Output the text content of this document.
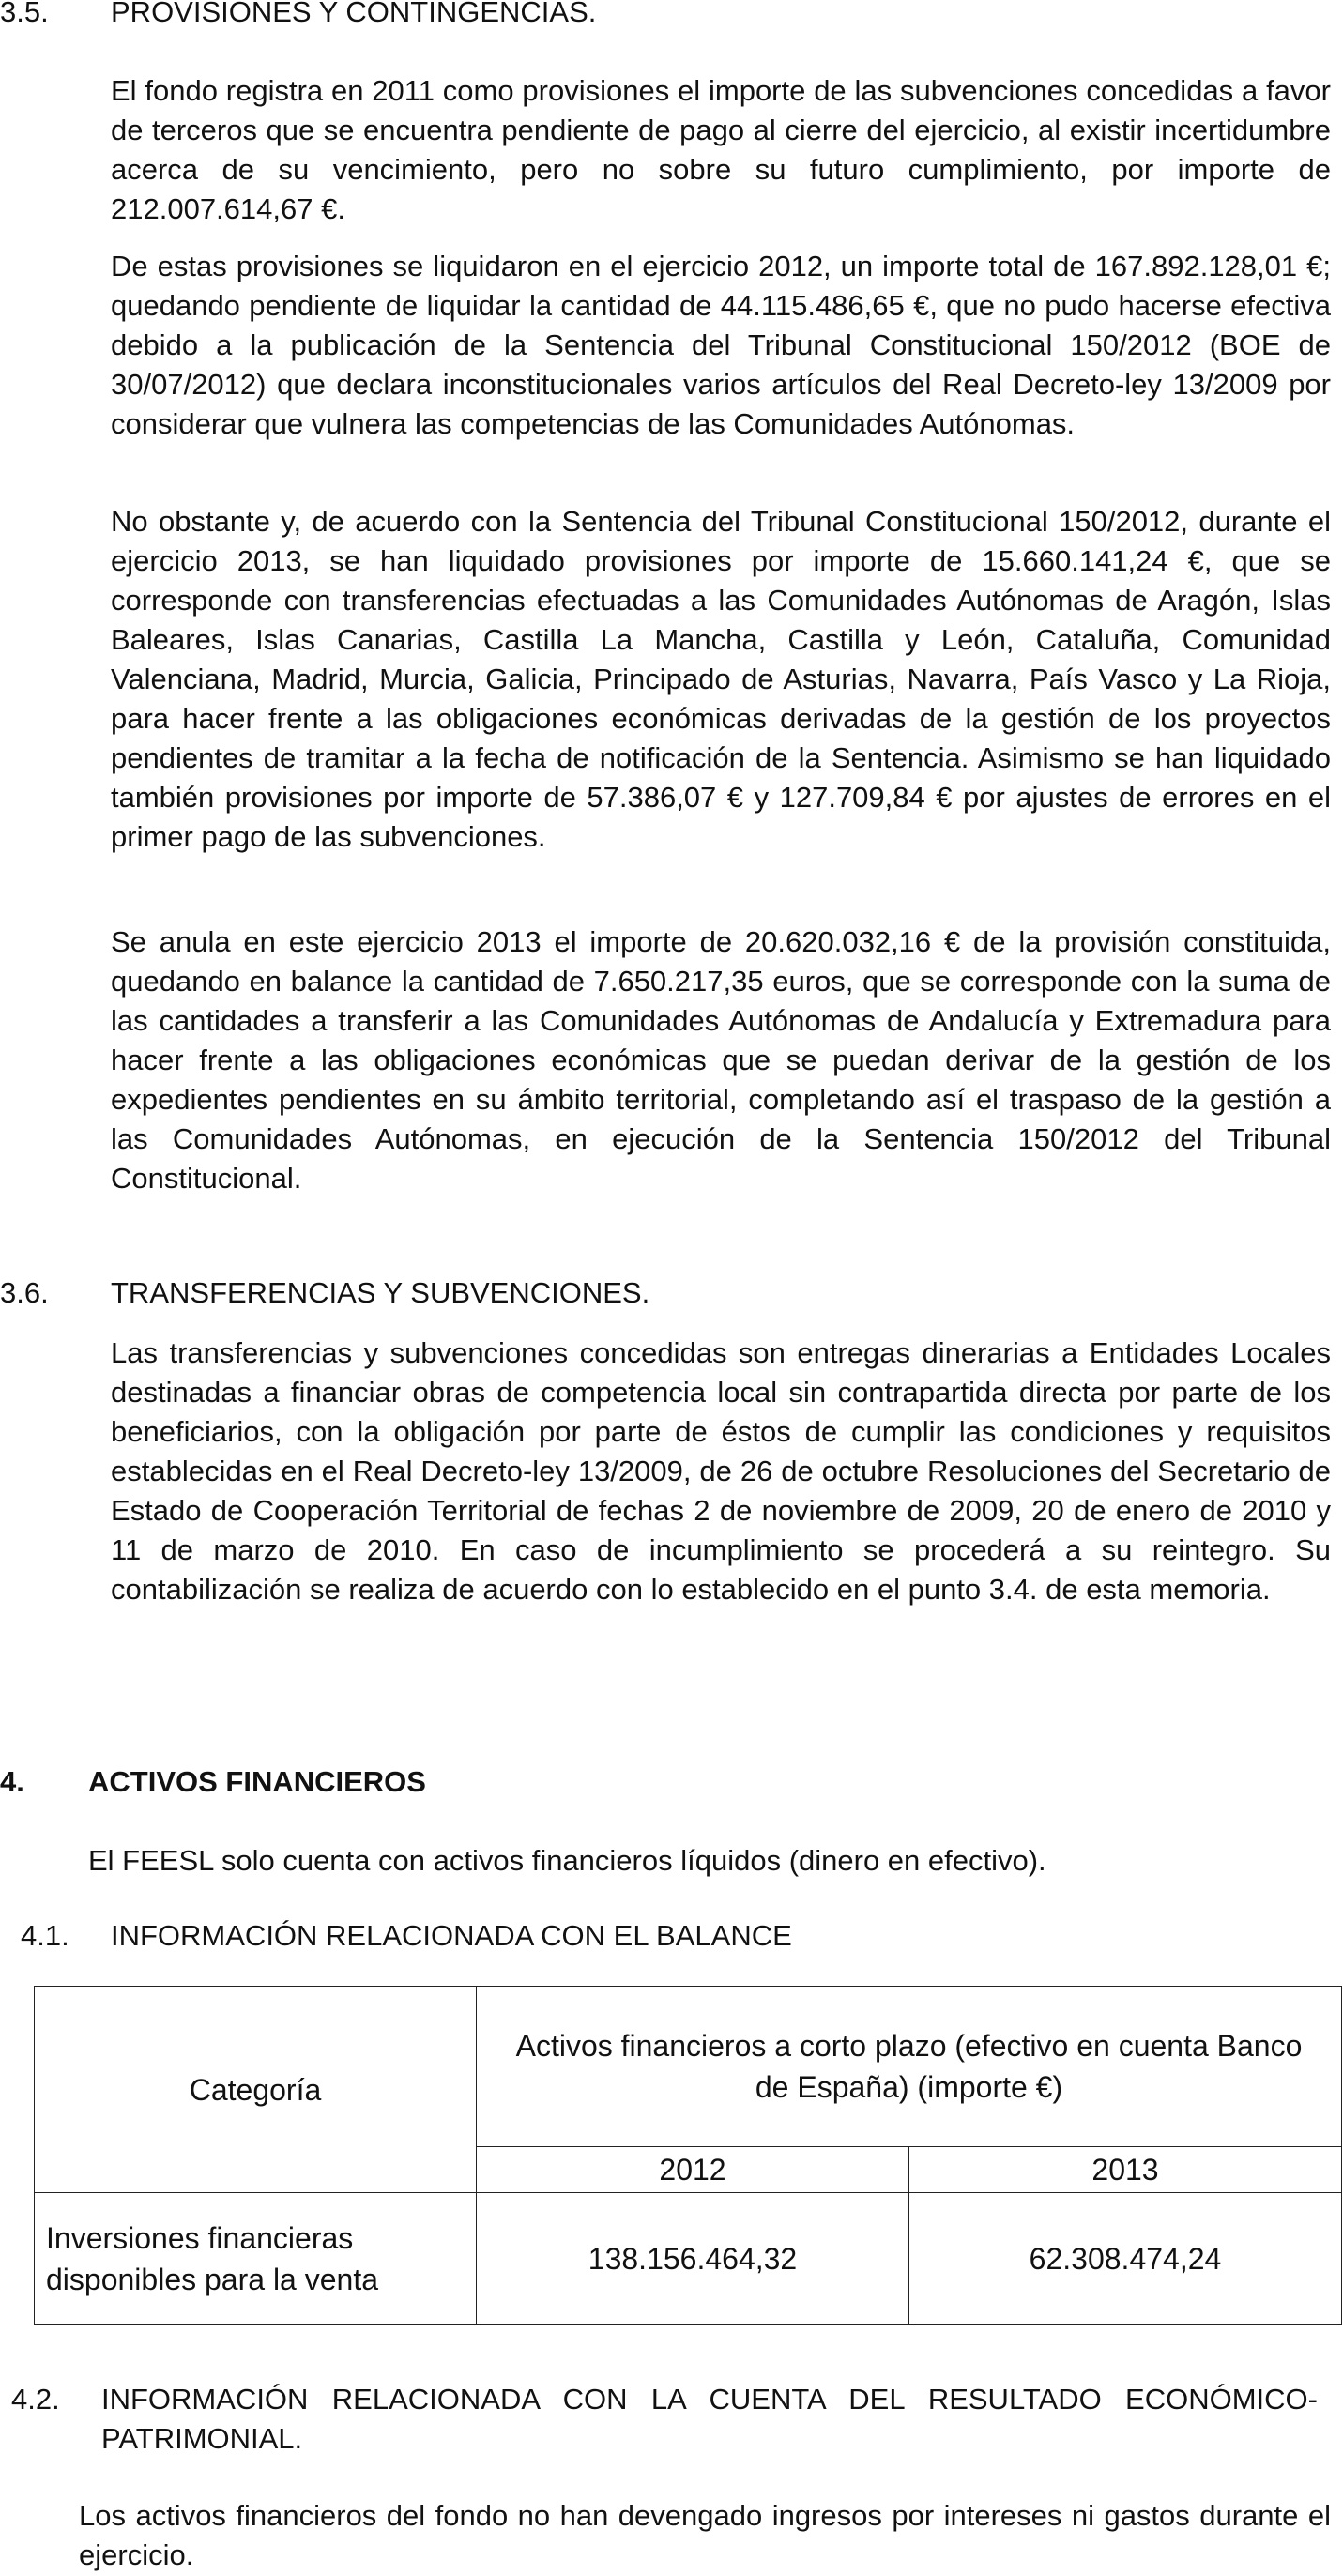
3.5. PROVISIONES Y CONTINGENCIAS.

El fondo registra en 2011 como provisiones el importe de las subvenciones concedidas a favor de terceros que se encuentra pendiente de pago al cierre del ejercicio, al existir incertidumbre acerca de su vencimiento, pero no sobre su futuro cumplimiento, por importe de 212.007.614,67 €.

De estas provisiones se liquidaron en el ejercicio 2012, un importe total de 167.892.128,01 €; quedando pendiente de liquidar la cantidad de 44.115.486,65 €, que no pudo hacerse efectiva debido a la publicación de la Sentencia del Tribunal Constitucional 150/2012 (BOE de 30/07/2012) que declara inconstitucionales varios artículos del Real Decreto-ley 13/2009 por considerar que vulnera las competencias de las Comunidades Autónomas.

No obstante y, de acuerdo con la Sentencia del Tribunal Constitucional 150/2012, durante el ejercicio 2013, se han liquidado provisiones por importe de 15.660.141,24 €, que se corresponde con transferencias efectuadas a las Comunidades Autónomas de Aragón, Islas Baleares, Islas Canarias, Castilla La Mancha, Castilla y León, Cataluña, Comunidad Valenciana, Madrid, Murcia, Galicia, Principado de Asturias, Navarra, País Vasco y La Rioja, para hacer frente a las obligaciones económicas derivadas de la gestión de los proyectos pendientes de tramitar a la fecha de notificación de la Sentencia. Asimismo se han liquidado también provisiones por importe de 57.386,07 € y 127.709,84 € por ajustes de errores en el primer pago de las subvenciones.

Se anula en este ejercicio 2013 el importe de 20.620.032,16 € de la provisión constituida, quedando en balance la cantidad de 7.650.217,35 euros, que se corresponde con la suma de las cantidades a transferir a las Comunidades Autónomas de Andalucía y Extremadura para hacer frente a las obligaciones económicas que se puedan derivar de la gestión de los expedientes pendientes en su ámbito territorial, completando así el traspaso de la gestión a las Comunidades Autónomas, en ejecución de la Sentencia 150/2012 del Tribunal Constitucional.

3.6. TRANSFERENCIAS Y SUBVENCIONES.

Las transferencias y subvenciones concedidas son entregas dinerarias a Entidades Locales destinadas a financiar obras de competencia local sin contrapartida directa por parte de los beneficiarios, con la obligación por parte de éstos de cumplir las condiciones y requisitos establecidas en el Real Decreto-ley 13/2009, de 26 de octubre Resoluciones del Secretario de Estado de Cooperación Territorial de fechas 2 de noviembre de 2009, 20 de enero de 2010 y 11 de marzo de 2010. En caso de incumplimiento se procederá a su reintegro. Su contabilización se realiza de acuerdo con lo establecido en el punto 3.4. de esta memoria.

4. ACTIVOS FINANCIEROS
El FEESL solo cuenta con activos financieros líquidos (dinero en efectivo).
4.1. INFORMACIÓN RELACIONADA CON EL BALANCE
Categoría	Activos financieros a corto plazo (efectivo en cuenta Banco de España) (importe €)	
	2012	2013
Inversiones financieras disponibles para la venta	138.156.464,32	62.308.474,24
4.2. INFORMACIÓN RELACIONADA CON LA CUENTA DEL RESULTADO ECONÓMICO-PATRIMONIAL.
Los activos financieros del fondo no han devengado ingresos por intereses ni gastos durante el ejercicio.
